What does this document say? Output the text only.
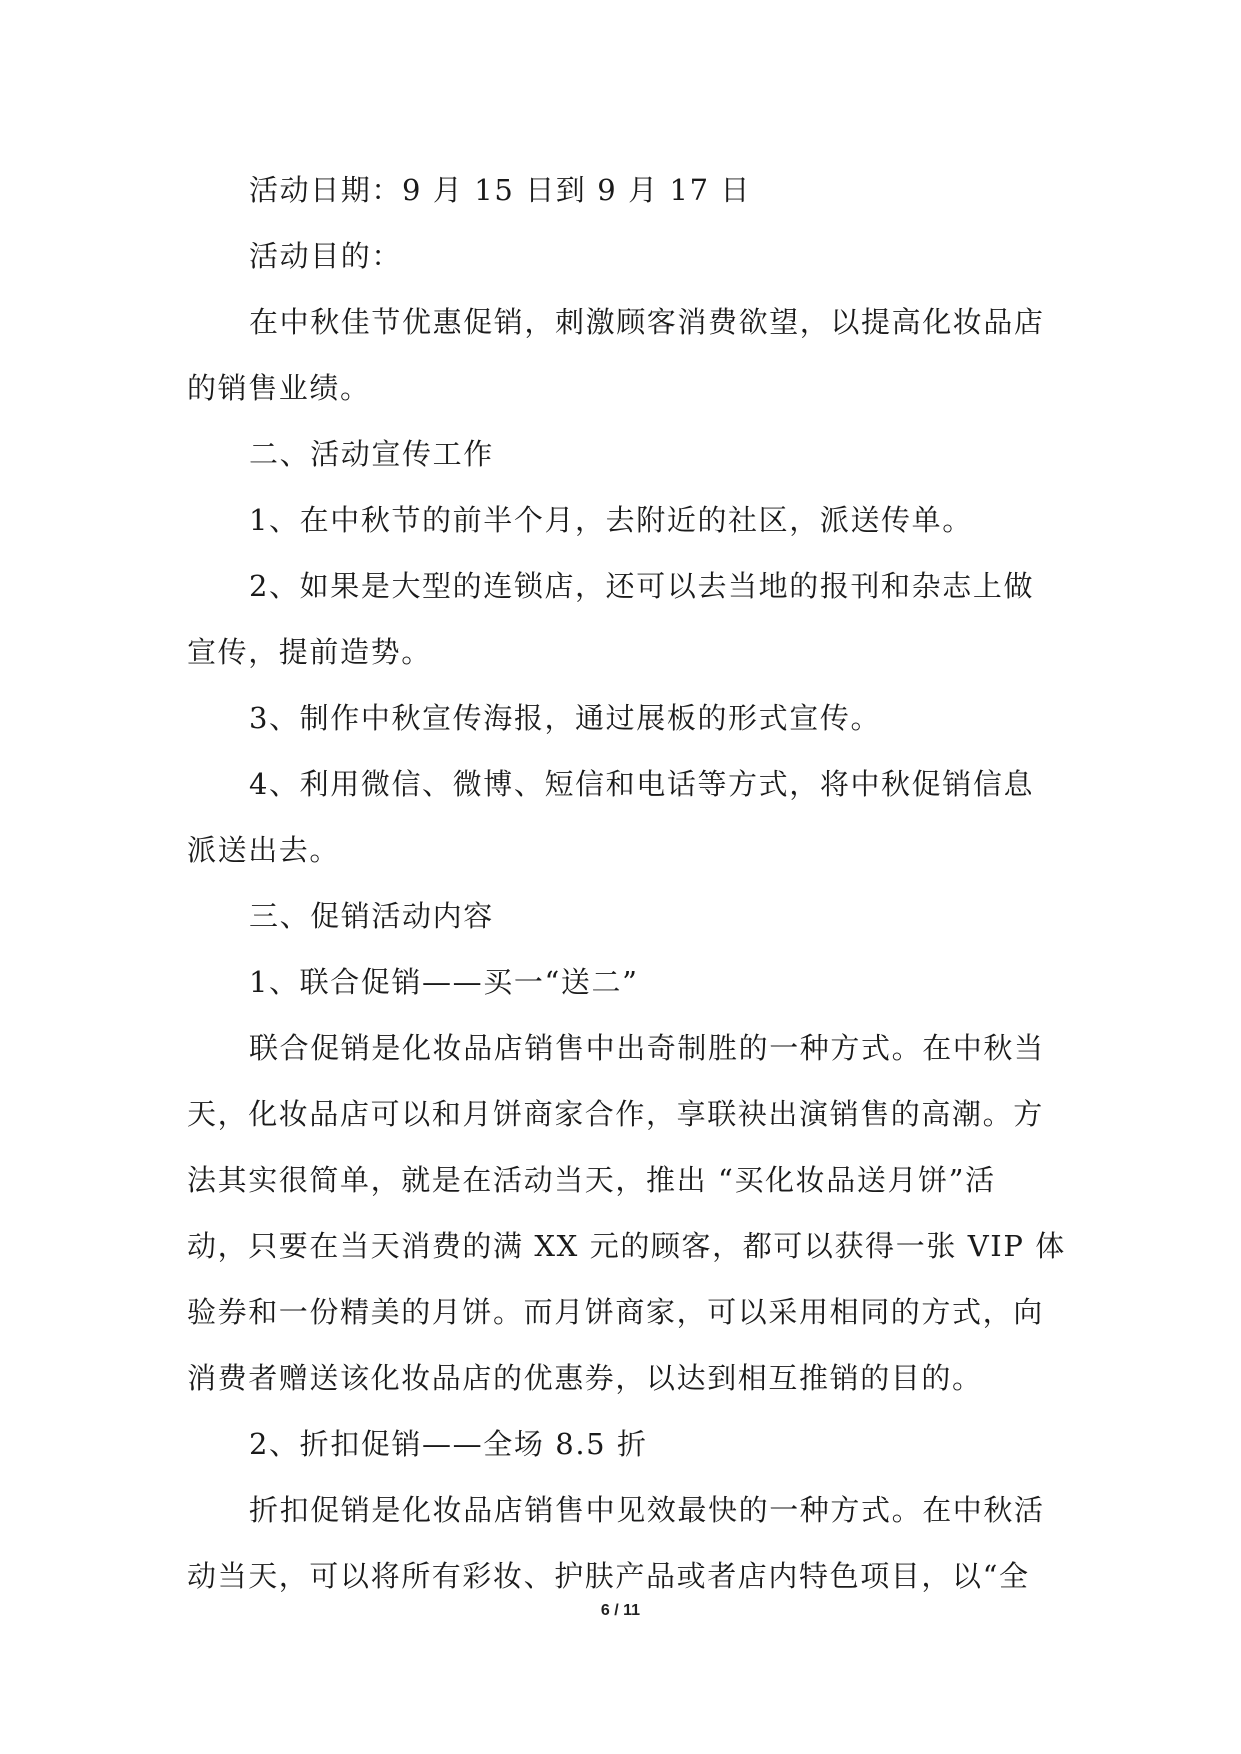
活动日期：9 月 15 日到 9 月 17 日
活动目的：
在中秋佳节优惠促销，刺激顾客消费欲望，以提高化妆品店
的销售业绩。
二、活动宣传工作
1、在中秋节的前半个月，去附近的社区，派送传单。
2、如果是大型的连锁店，还可以去当地的报刊和杂志上做
宣传，提前造势。
3、制作中秋宣传海报，通过展板的形式宣传。
4、利用微信、微博、短信和电话等方式，将中秋促销信息
派送出去。
三、促销活动内容
1、联合促销——买一“送二”
联合促销是化妆品店销售中出奇制胜的一种方式。在中秋当
天，化妆品店可以和月饼商家合作，享联袂出演销售的高潮。方
法其实很简单，就是在活动当天，推出 “买化妆品送月饼”活
动，只要在当天消费的满 XX 元的顾客，都可以获得一张 VIP 体
验券和一份精美的月饼。而月饼商家，可以采用相同的方式，向
消费者赠送该化妆品店的优惠券，以达到相互推销的目的。
2、折扣促销——全场 8.5 折
折扣促销是化妆品店销售中见效最快的一种方式。在中秋活
动当天，可以将所有彩妆、护肤产品或者店内特色项目，以“全
6 / 11
